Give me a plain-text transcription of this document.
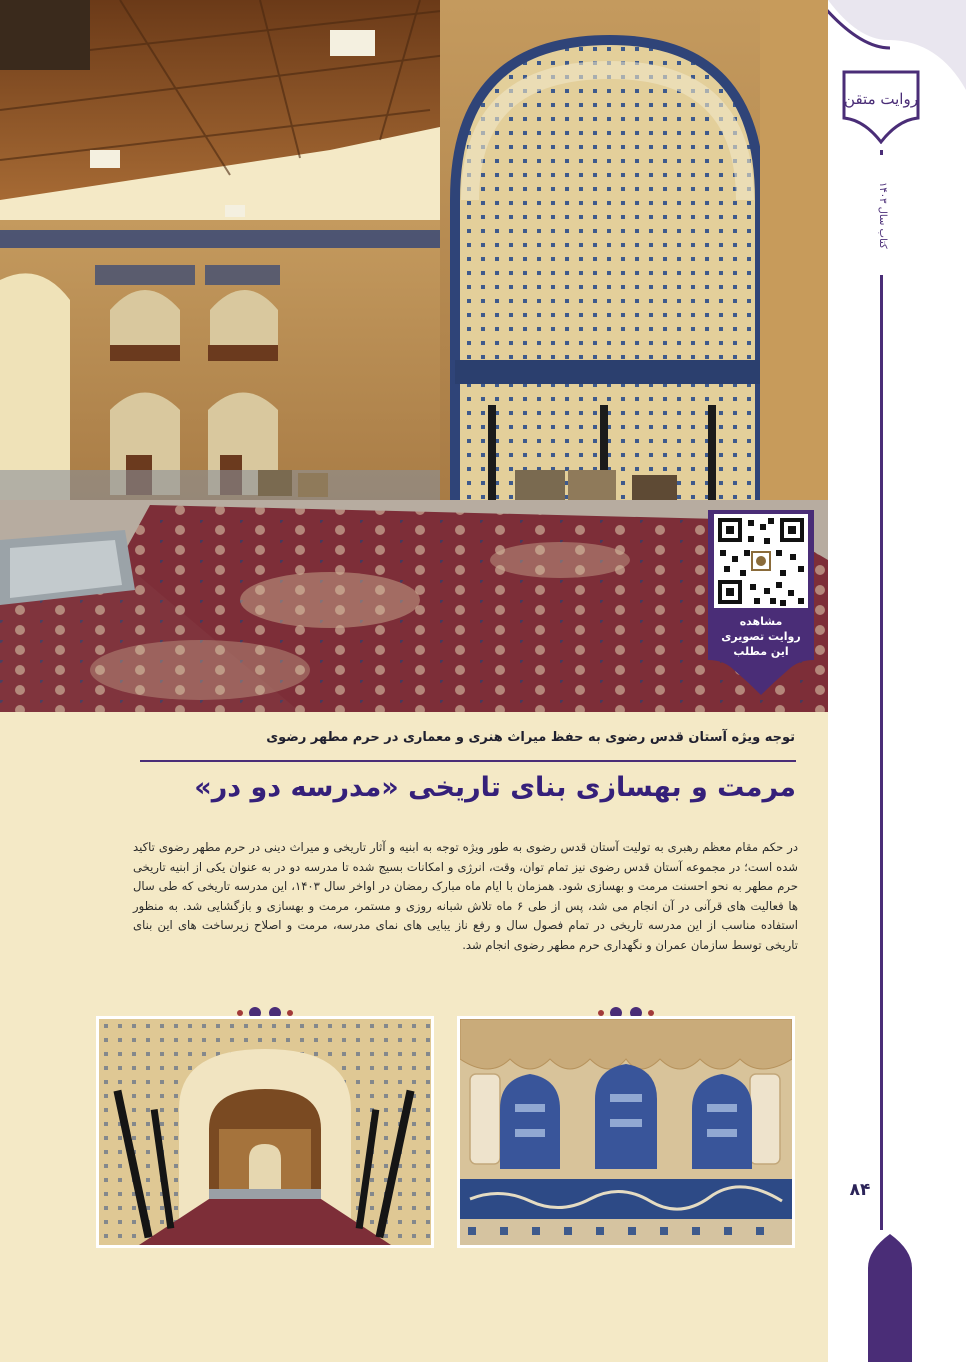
مشاهده
روایت تصویری
این مطلب
روایت متقن
کتاب سال ۱۴۰۳
۸۴
توجه ویژه آستان قدس رضوی به حفظ میراث هنری و معماری در حرم مطهر رضوی
مرمت و بهسازی بنای تاریخی «مدرسه دو در»
در حکم مقام معظم رهبری به تولیت آستان قدس رضوی به طور ویژه توجه به ابنیه و آثار تاریخی و میراث دینی در حرم مطهر رضوی تاکید شده است؛ در مجموعه آستان قدس رضوی نیز تمام توان، وقت، انرژی و امکانات بسیج شده تا مدرسه دو در به عنوان یکی از ابنیه تاریخی حرم مطهر به نحو احسنت مرمت و بهسازی شود. همزمان با ایام ماه مبارک رمضان در اواخر سال ۱۴۰۳، این مدرسه تاریخی که طی سال ها فعالیت های قرآنی در آن انجام می شد، پس از طی ۶ ماه تلاش شبانه روزی و مستمر، مرمت و بهسازی و بازگشایی شد. به منظور استفاده مناسب از این مدرسه تاریخی در تمام فصول سال و رفع ناز یبایی های نمای مدرسه، مرمت و اصلاح زیرساخت های این بنای تاریخی توسط سازمان عمران و نگهداری حرم مطهر رضوی انجام شد.
